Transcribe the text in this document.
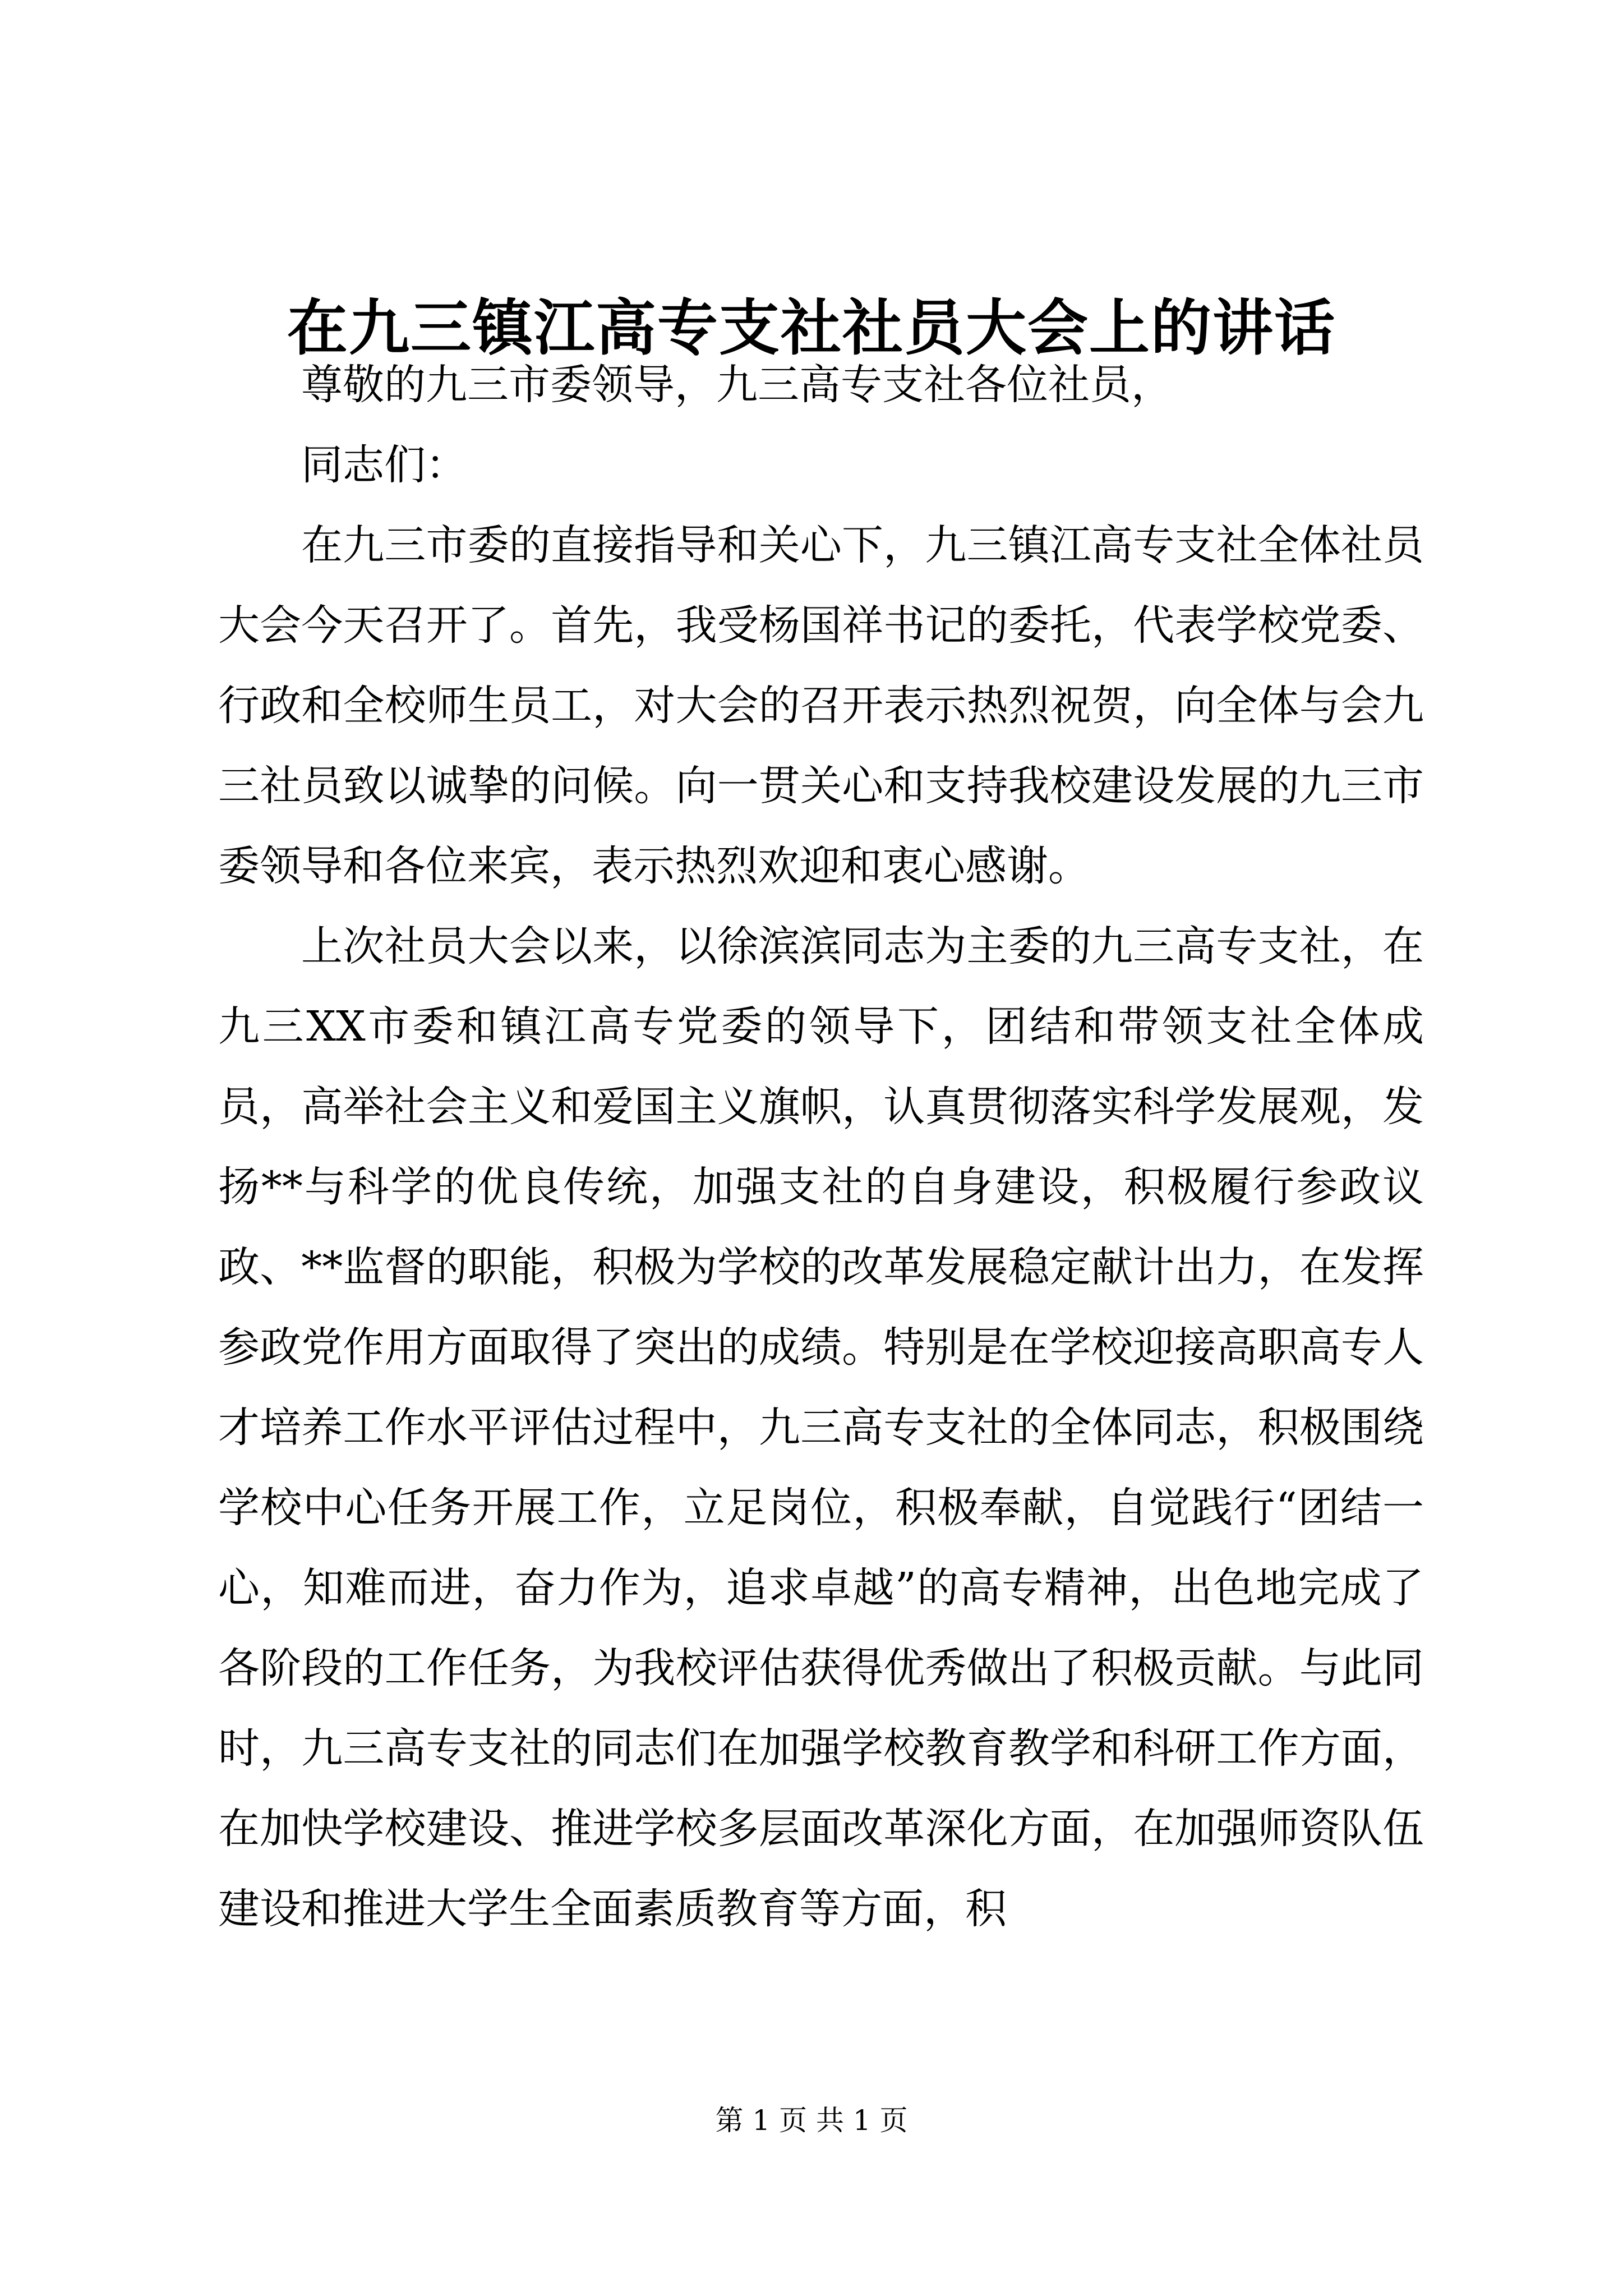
在九三镇江高专支社社员大会上的讲话

尊敬的九三市委领导，九三高专支社各位社员，

同志们：

在九三市委的直接指导和关心下，九三镇江高专支社全体社员大会今天召开了。首先，我受杨国祥书记的委托，代表学校党委、行政和全校师生员工，对大会的召开表示热烈祝贺，向全体与会九三社员致以诚挚的问候。向一贯关心和支持我校建设发展的九三市委领导和各位来宾，表示热烈欢迎和衷心感谢。

上次社员大会以来，以徐滨滨同志为主委的九三高专支社，在九三XX市委和镇江高专党委的领导下，团结和带领支社全体成员，高举社会主义和爱国主义旗帜，认真贯彻落实科学发展观，发扬**与科学的优良传统，加强支社的自身建设，积极履行参政议政、**监督的职能，积极为学校的改革发展稳定献计出力，在发挥参政党作用方面取得了突出的成绩。特别是在学校迎接高职高专人才培养工作水平评估过程中，九三高专支社的全体同志，积极围绕学校中心任务开展工作，立足岗位，积极奉献，自觉践行“团结一心，知难而进，奋力作为，追求卓越”的高专精神，出色地完成了各阶段的工作任务，为我校评估获得优秀做出了积极贡献。与此同时，九三高专支社的同志们在加强学校教育教学和科研工作方面，在加快学校建设、推进学校多层面改革深化方面，在加强师资队伍建设和推进大学生全面素质教育等方面，积

第 1 页 共 1 页
